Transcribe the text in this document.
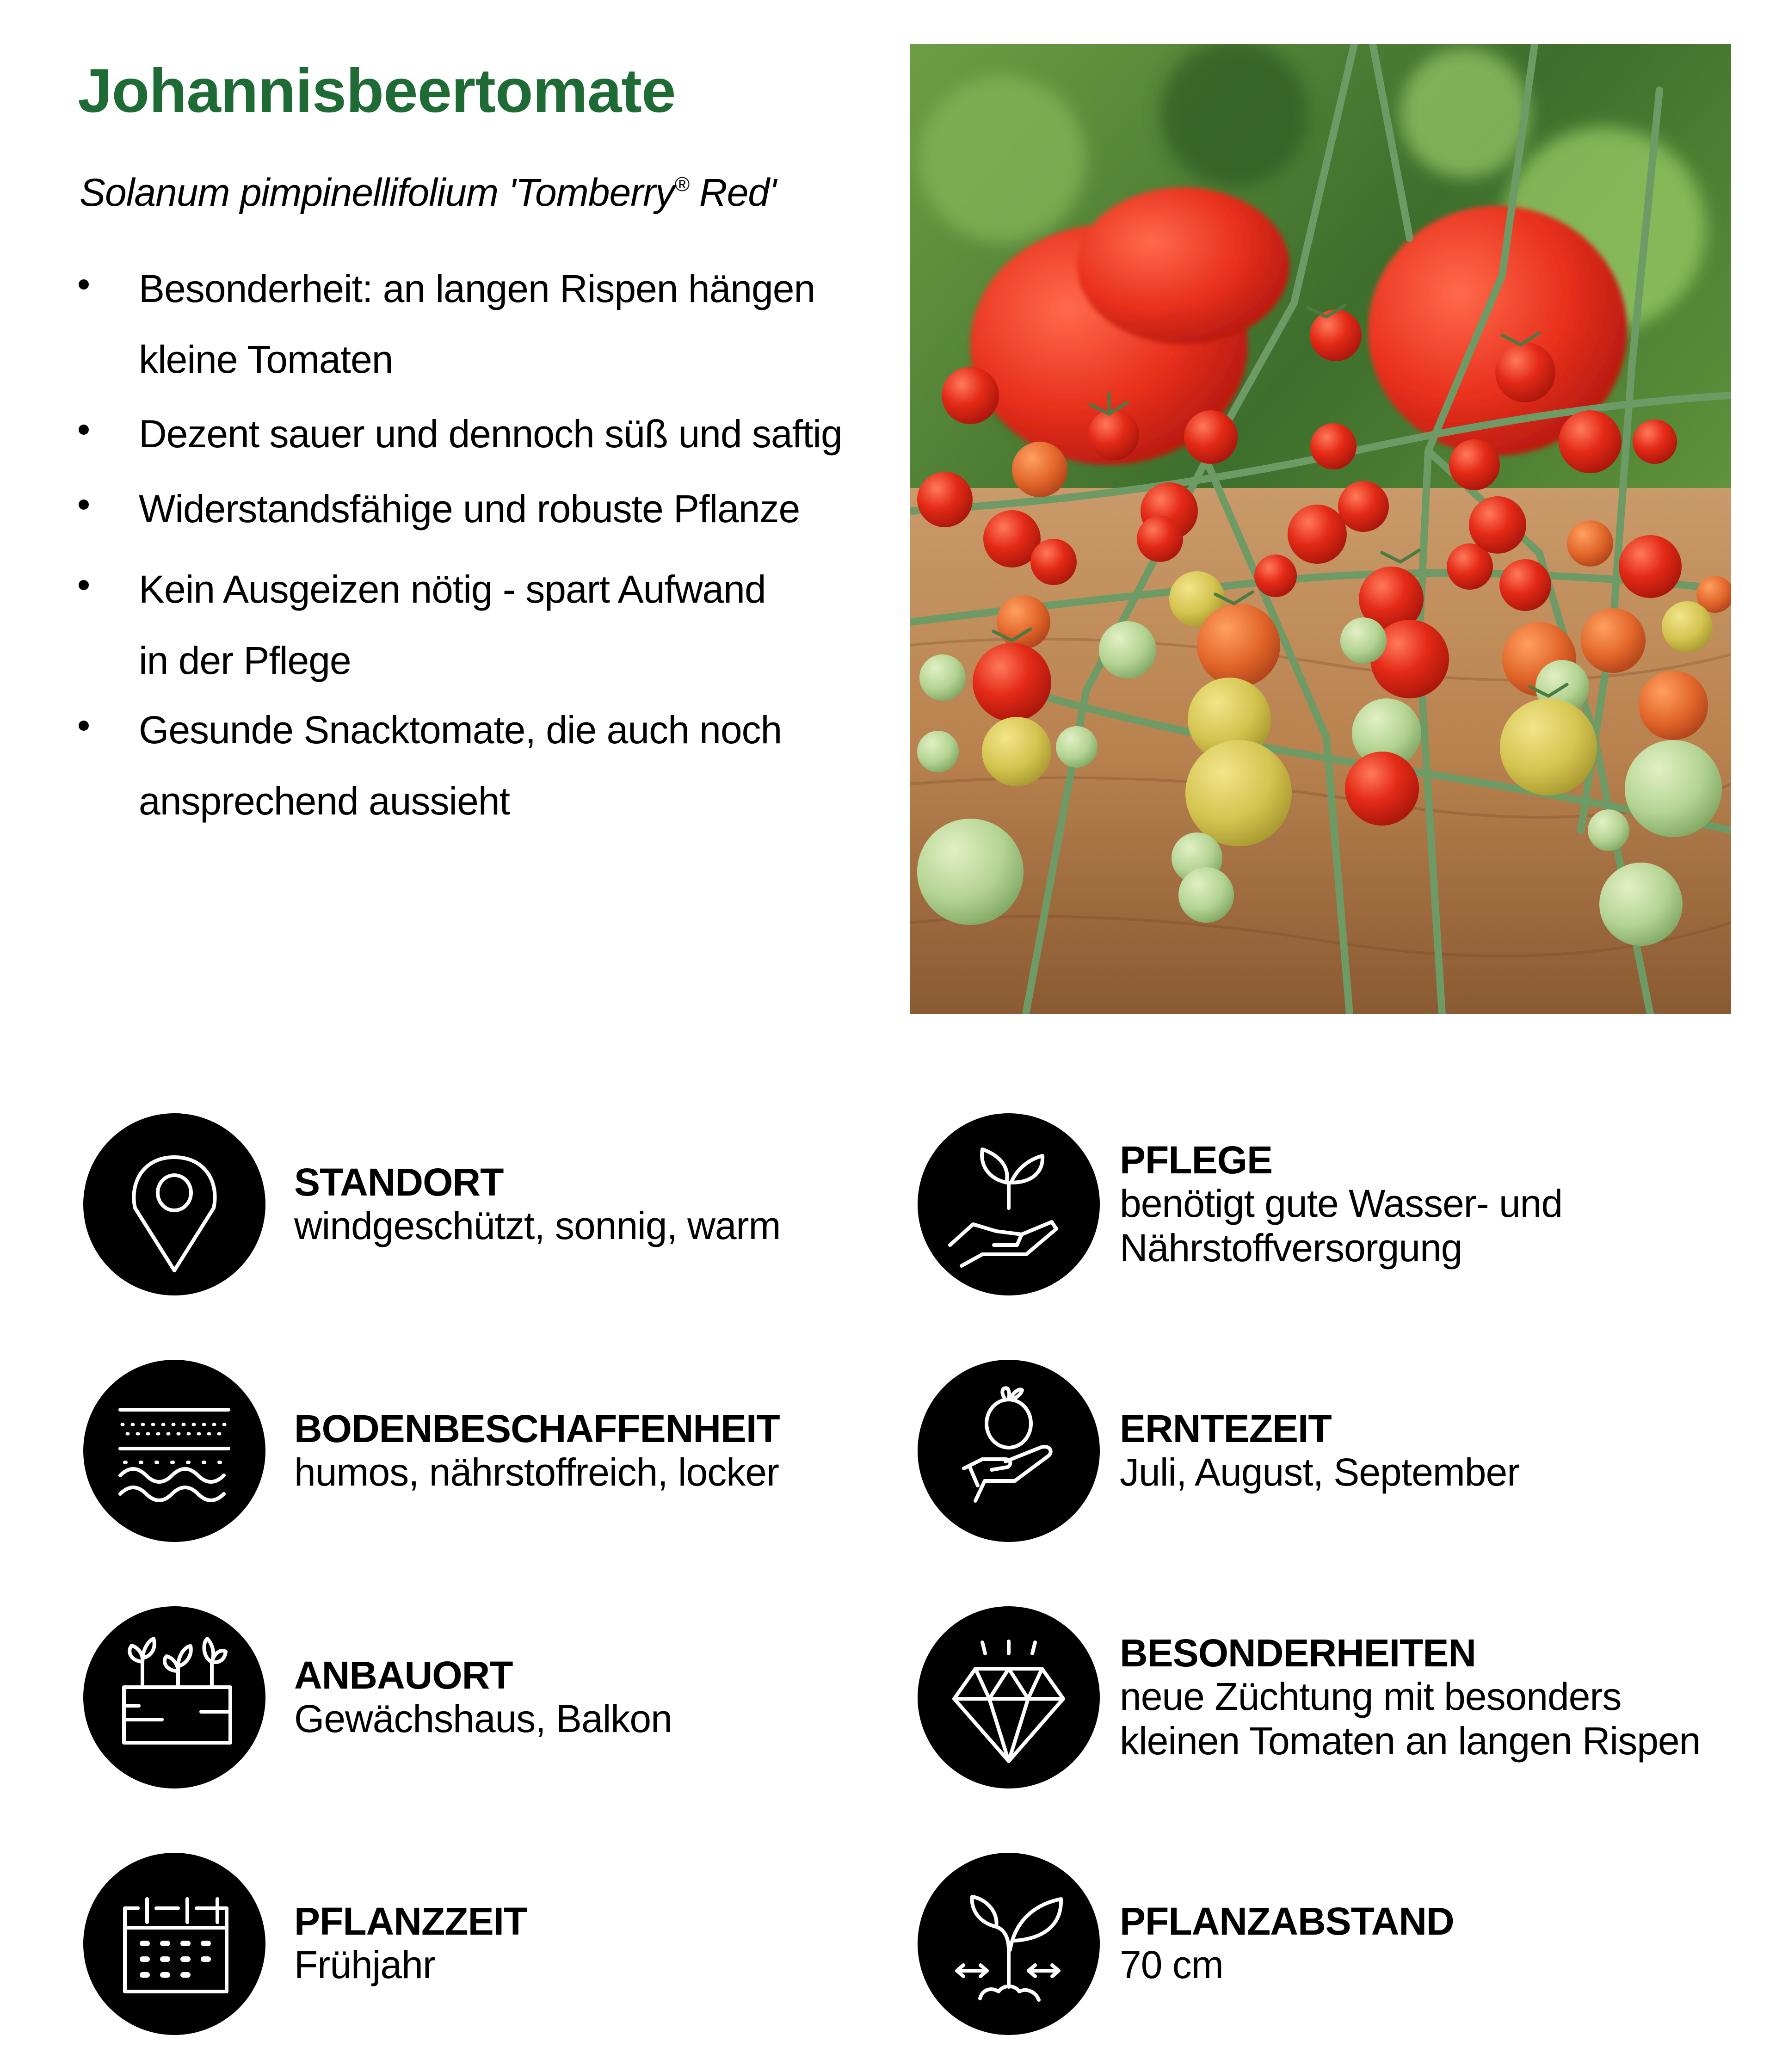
Johannisbeertomate
Solanum pimpinellifolium 'Tomberry® Red'
Besonderheit: an langen Rispen hängen
kleine Tomaten
Dezent sauer und dennoch süß und saftig
Widerstandsfähige und robuste Pflanze
Kein Ausgeizen nötig - spart Aufwand
in der Pflege
Gesunde Snacktomate, die auch noch
ansprechend aussieht
STANDORT
windgeschützt, sonnig, warm
PFLEGE
benötigt gute Wasser- und
Nährstoffversorgung
BODENBESCHAFFENHEIT
humos, nährstoffreich, locker
ERNTEZEIT
Juli, August, September
ANBAUORT
Gewächshaus, Balkon
BESONDERHEITEN
neue Züchtung mit besonders
kleinen Tomaten an langen Rispen
PFLANZZEIT
Frühjahr
PFLANZABSTAND
70 cm
